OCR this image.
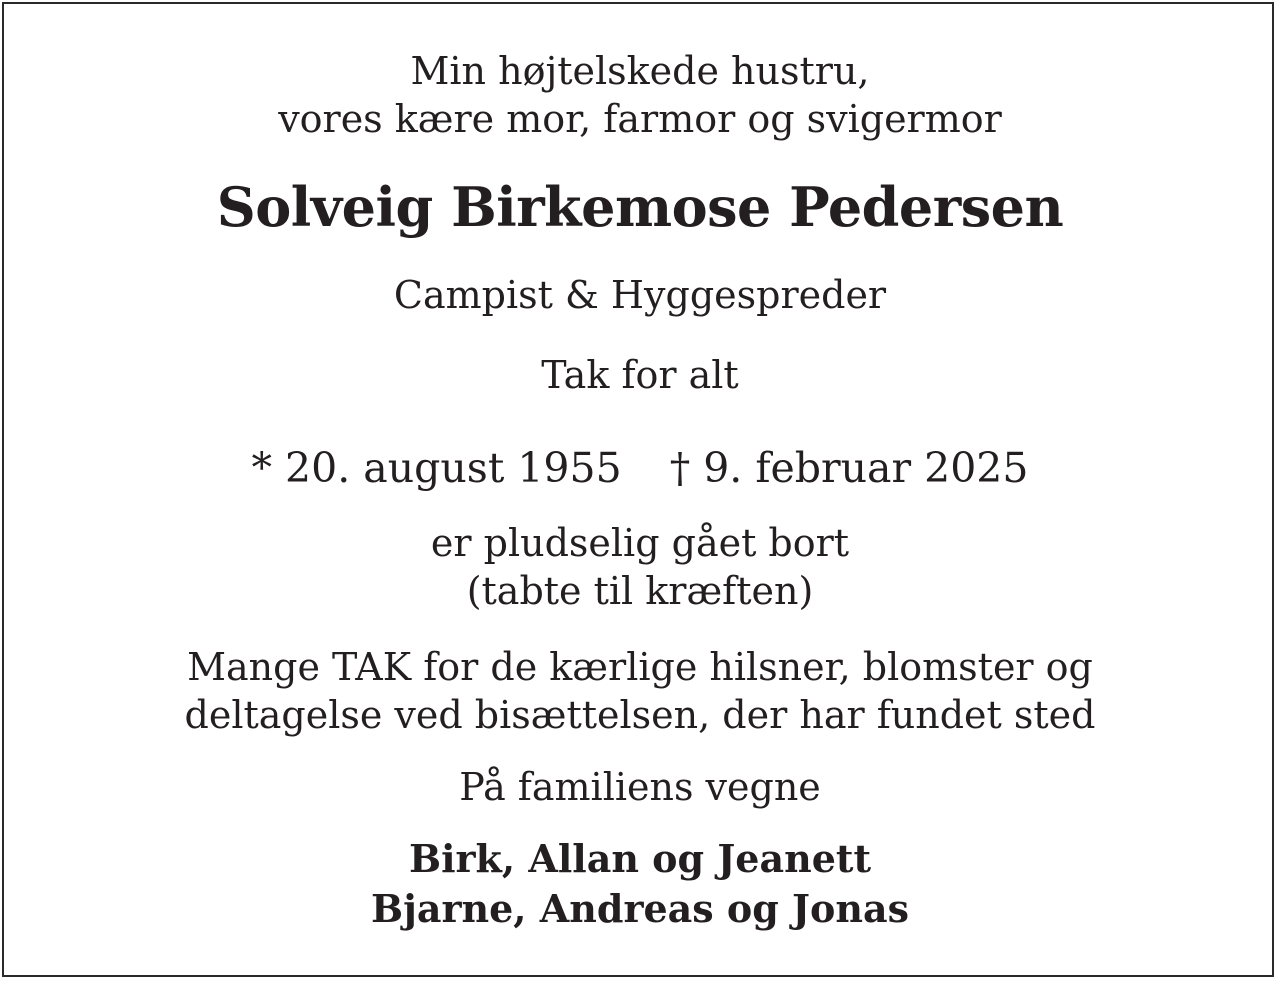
Min højtelskede hustru,
vores kære mor, farmor og svigermor
Solveig Birkemose Pedersen
Campist & Hyggespreder
Tak for alt
* 20. august 1955 † 9. februar 2025
er pludselig gået bort
(tabte til kræften)
Mange TAK for de kærlige hilsner, blomster og
deltagelse ved bisættelsen, der har fundet sted
På familiens vegne
Birk, Allan og Jeanett
Bjarne, Andreas og Jonas
